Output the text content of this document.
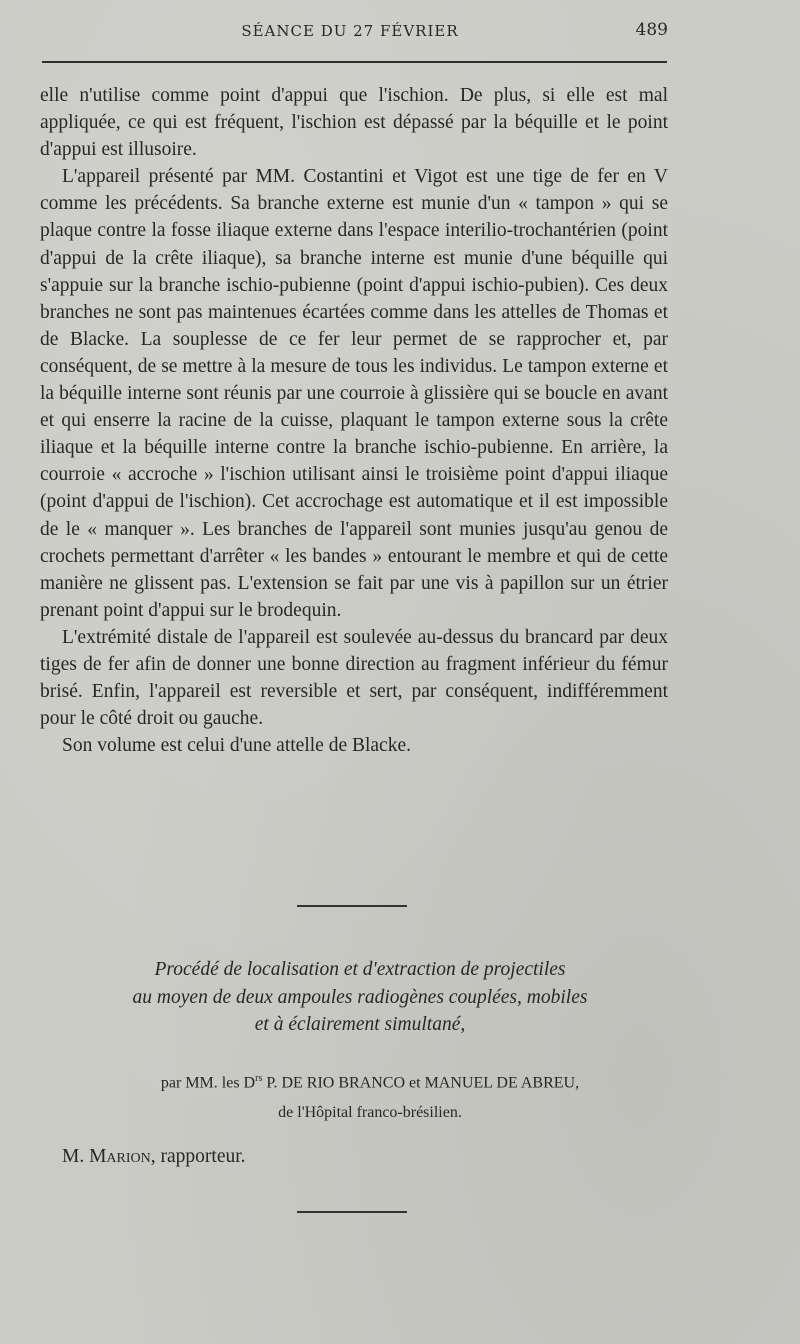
SÉANCE DU 27 FÉVRIER	489

elle n'utilise comme point d'appui que l'ischion. De plus, si elle est mal appliquée, ce qui est fréquent, l'ischion est dépassé par la béquille et le point d'appui est illusoire.

L'appareil présenté par MM. Costantini et Vigot est une tige de fer en V comme les précédents. Sa branche externe est munie d'un « tampon » qui se plaque contre la fosse iliaque externe dans l'espace interilio-trochantérien (point d'appui de la crête iliaque), sa branche interne est munie d'une béquille qui s'appuie sur la branche ischio-pubienne (point d'appui ischio-pubien). Ces deux branches ne sont pas maintenues écartées comme dans les attelles de Thomas et de Blacke. La souplesse de ce fer leur permet de se rapprocher et, par conséquent, de se mettre à la mesure de tous les individus. Le tampon externe et la béquille interne sont réunis par une courroie à glissière qui se boucle en avant et qui enserre la racine de la cuisse, plaquant le tampon externe sous la crête iliaque et la béquille interne contre la branche ischio-pubienne. En arrière, la courroie « accroche » l'ischion utilisant ainsi le troisième point d'appui iliaque (point d'appui de l'ischion). Cet accrochage est automatique et il est impossible de le « manquer ». Les branches de l'appareil sont munies jusqu'au genou de crochets permettant d'arrêter « les bandes » entourant le membre et qui de cette manière ne glissent pas. L'extension se fait par une vis à papillon sur un étrier prenant point d'appui sur le brodequin.

L'extrémité distale de l'appareil est soulevée au-dessus du brancard par deux tiges de fer afin de donner une bonne direction au fragment inférieur du fémur brisé. Enfin, l'appareil est reversible et sert, par conséquent, indifféremment pour le côté droit ou gauche.

Son volume est celui d'une attelle de Blacke.

Procédé de localisation et d'extraction de projectiles
au moyen de deux ampoules radiogènes couplées, mobiles
et à éclairement simultané,
par MM. les $D^{rs}$ P. DE RIO BRANCO et MANUEL DE ABREU,
de l'Hôpital franco-brésilien.
M. Marion, rapporteur.
